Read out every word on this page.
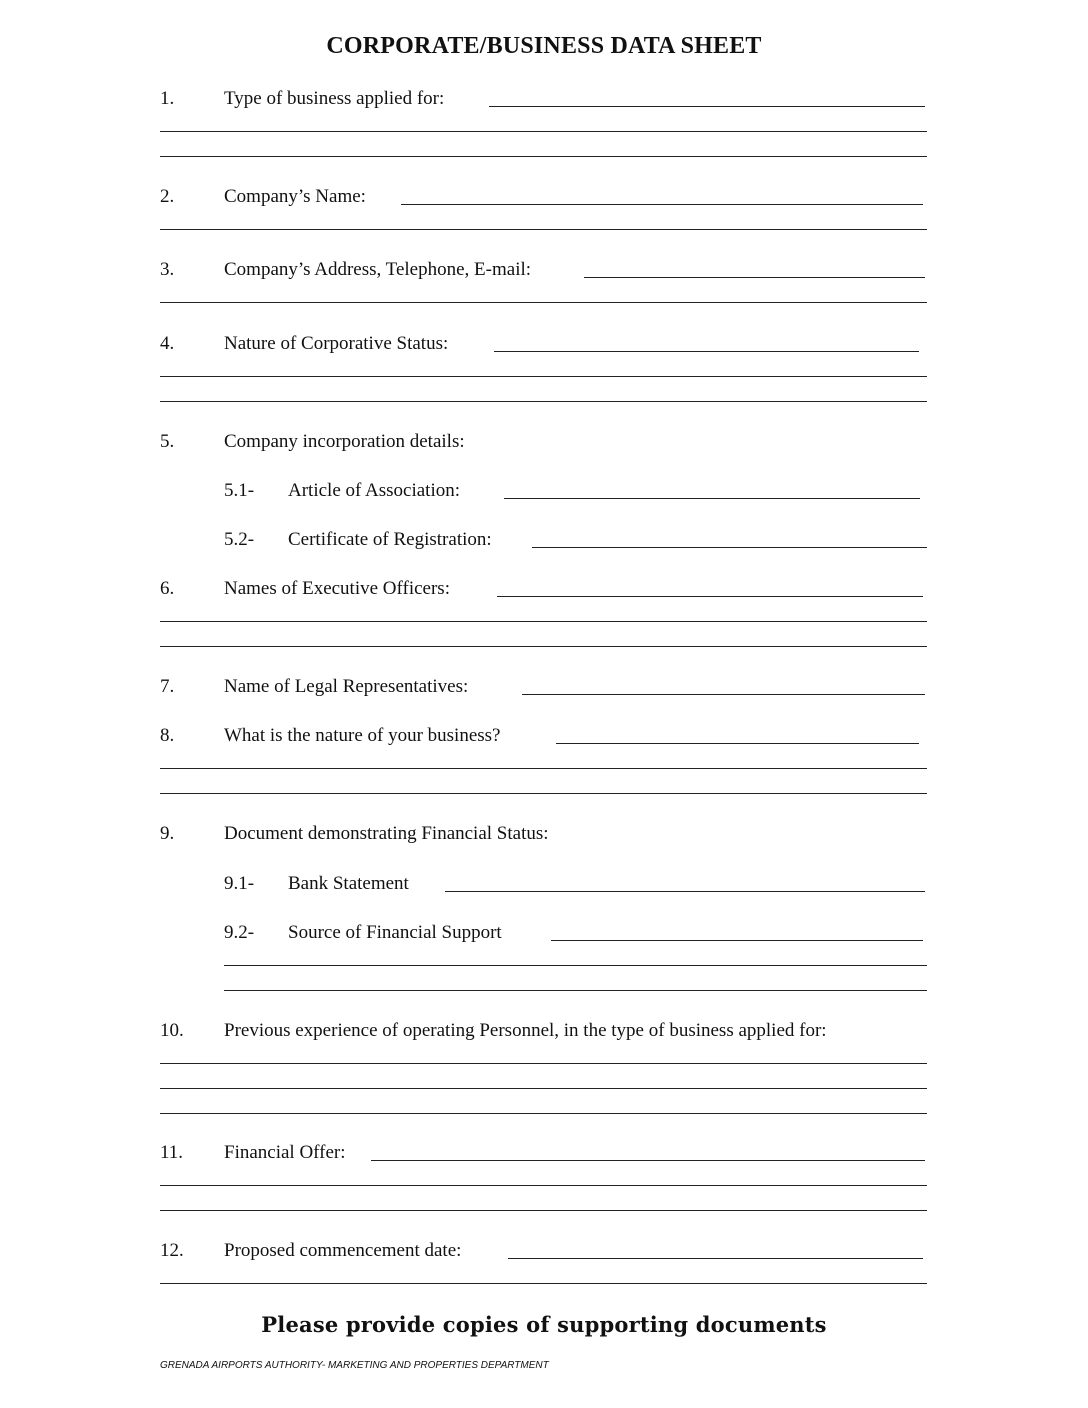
CORPORATE/BUSINESS DATA SHEET
1.	Type of business applied for:
2.	Company’s Name:
3.	Company’s Address, Telephone, E-mail:
4.	Nature of Corporative Status:
5.	Company incorporation details:
5.1- Article of Association:
5.2- Certificate of Registration:
6.	Names of Executive Officers:
7.	Name of Legal Representatives:
8.	What is the nature of your business?
9.	Document demonstrating Financial Status:
9.1- Bank Statement
9.2- Source of Financial Support
10. Previous experience of operating Personnel, in the type of business applied for:
11. Financial Offer:
12. Proposed commencement date:
Please provide copies of supporting documents
GRENADA AIRPORTS AUTHORITY- MARKETING AND PROPERTIES DEPARTMENT
